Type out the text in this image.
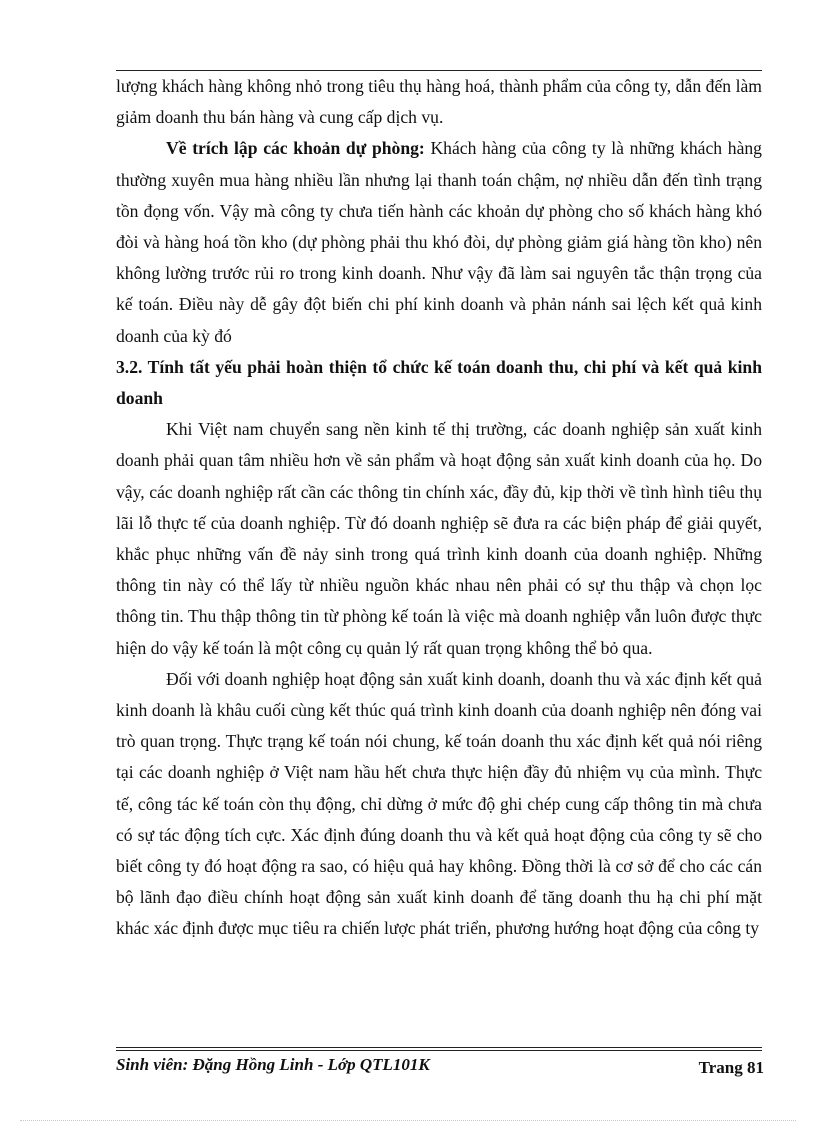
lượng khách hàng không nhỏ trong tiêu thụ hàng hoá, thành phẩm của công ty, dẫn đến làm giảm doanh thu bán hàng và cung cấp dịch vụ.

Về trích lập các khoản dự phòng: Khách hàng của công ty là những khách hàng thường xuyên mua hàng nhiều lần nhưng lại thanh toán chậm, nợ nhiều dẫn đến tình trạng tồn đọng vốn. Vậy mà công ty chưa tiến hành các khoản dự phòng cho số khách hàng khó đòi và hàng hoá tồn kho (dự phòng phải thu khó đòi, dự phòng giảm giá hàng tồn kho) nên không lường trước rủi ro trong kinh doanh. Như vậy đã làm sai nguyên tắc thận trọng của kế toán. Điều này dễ gây đột biến chi phí kinh doanh và phản nánh sai lệch kết quả kinh doanh của kỳ đó

3.2. Tính tất yếu phải hoàn thiện tổ chức kế toán doanh thu, chi phí và kết quả kinh doanh

Khi Việt nam chuyển sang nền kinh tế thị trường, các doanh nghiệp sản xuất kinh doanh phải quan tâm nhiều hơn về sản phẩm và hoạt động sản xuất kinh doanh của họ. Do vậy, các doanh nghiệp rất cần các thông tin chính xác, đầy đủ, kịp thời về tình hình tiêu thụ lãi lỗ thực tế của doanh nghiệp. Từ đó doanh nghiệp sẽ đưa ra các biện pháp để giải quyết, khắc phục những vấn đề nảy sinh trong quá trình kinh doanh của doanh nghiệp. Những thông tin này có thể lấy từ nhiều nguồn khác nhau nên phải có sự thu thập và chọn lọc thông tin. Thu thập thông tin từ phòng kế toán là việc mà doanh nghiệp vẫn luôn được thực hiện do vậy kế toán là một công cụ quản lý rất quan trọng không thể bỏ qua.

Đối với doanh nghiệp hoạt động sản xuất kinh doanh, doanh thu và xác định kết quả kinh doanh là khâu cuối cùng kết thúc quá trình kinh doanh của doanh nghiệp nên đóng vai trò quan trọng. Thực trạng kế toán nói chung, kế toán doanh thu xác định kết quả nói riêng tại các doanh nghiệp ở Việt nam hầu hết chưa thực hiện đầy đủ nhiệm vụ của mình. Thực tế, công tác kế toán còn thụ động, chỉ dừng ở mức độ ghi chép cung cấp thông tin mà chưa có sự tác động tích cực. Xác định đúng doanh thu và kết quả hoạt động của công ty sẽ cho biết công ty đó hoạt động ra sao, có hiệu quả hay không. Đồng thời là cơ sở để cho các cán bộ lãnh đạo điều chính hoạt động sản xuất kinh doanh để tăng doanh thu hạ chi phí mặt khác xác định được mục tiêu ra chiến lược phát triển, phương hướng hoạt động của công ty

Sinh viên: Đặng Hồng Linh - Lớp QTL101K	Trang 81
